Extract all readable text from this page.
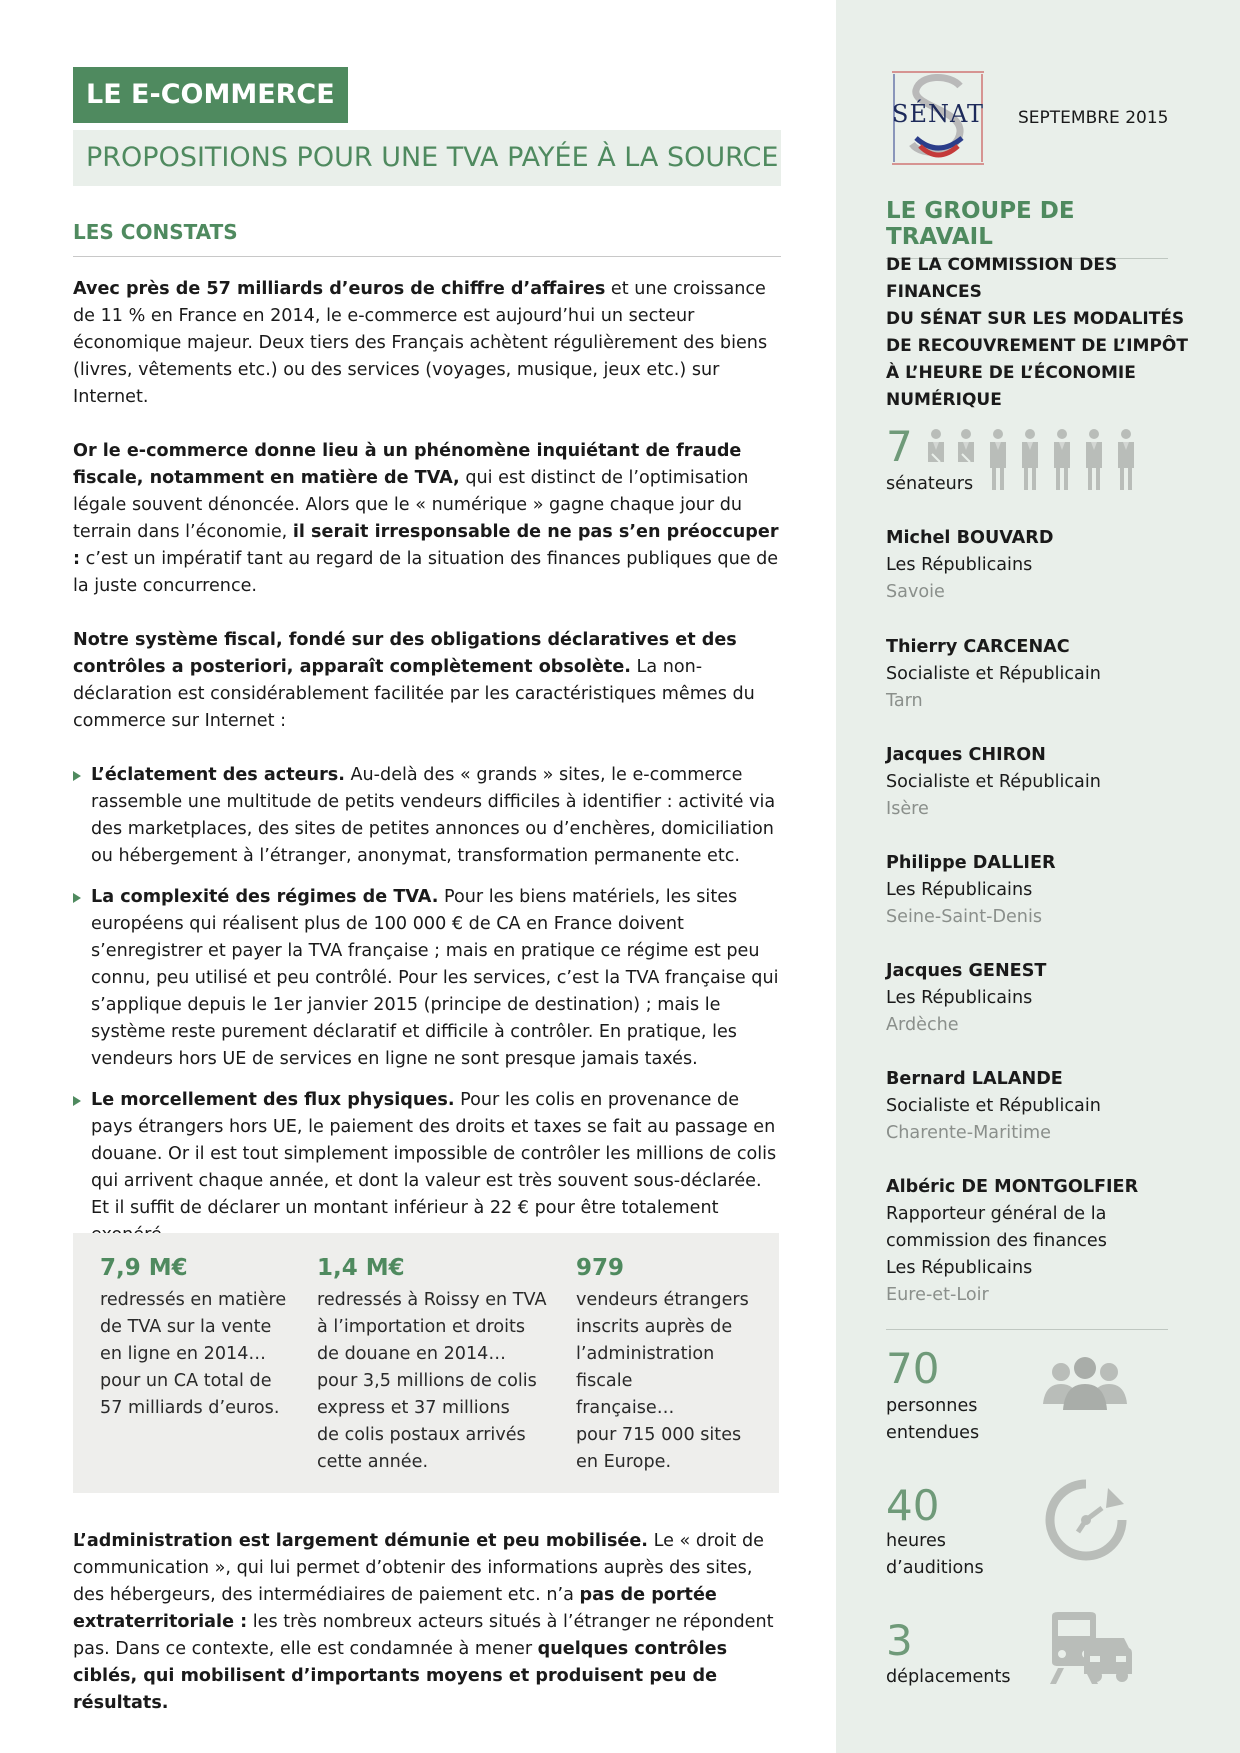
LE E-COMMERCE
PROPOSITIONS POUR UNE TVA PAYÉE À LA SOURCE
LES CONSTATS

Avec près de 57 milliards d’euros de chiffre d’affaires et une croissance de 11 % en France en 2014, le e-commerce est aujourd’hui un secteur économique majeur. Deux tiers des Français achètent régulièrement des biens (livres, vêtements etc.) ou des services (voyages, musique, jeux etc.) sur Internet.

Or le e-commerce donne lieu à un phénomène inquiétant de fraude fiscale, notamment en matière de TVA, qui est distinct de l’optimisation légale souvent dénoncée. Alors que le « numérique » gagne chaque jour du terrain dans l’économie, il serait irresponsable de ne pas s’en préoccuper : c’est un impératif tant au regard de la situation des finances publiques que de la juste concurrence.

Notre système fiscal, fondé sur des obligations déclaratives et des contrôles a posteriori, apparaît complètement obsolète. La non-déclaration est considérablement facilitée par les caractéristiques mêmes du commerce sur Internet :

L’éclatement des acteurs. Au-delà des « grands » sites, le e-commerce rassemble une multitude de petits vendeurs difficiles à identifier : activité via des marketplaces, des sites de petites annonces ou d’enchères, domiciliation ou hébergement à l’étranger, anonymat, transformation permanente etc.

La complexité des régimes de TVA. Pour les biens matériels, les sites européens qui réalisent plus de 100 000 € de CA en France doivent s’enregistrer et payer la TVA française ; mais en pratique ce régime est peu connu, peu utilisé et peu contrôlé. Pour les services, c’est la TVA française qui s’applique depuis le 1er janvier 2015 (principe de destination) ; mais le système reste purement déclaratif et difficile à contrôler. En pratique, les vendeurs hors UE de services en ligne ne sont presque jamais taxés.

Le morcellement des flux physiques. Pour les colis en provenance de pays étrangers hors UE, le paiement des droits et taxes se fait au passage en douane. Or il est tout simplement impossible de contrôler les millions de colis qui arrivent chaque année, et dont la valeur est très souvent sous-déclarée. Et il suffit de déclarer un montant inférieur à 22 € pour être totalement

7,9 M€
redressés en matière
de TVA sur la vente
en ligne en 2014…
pour un CA total de
57 milliards d’euros.
1,4 M€
redressés à Roissy en TVA
à l’importation et droits
de douane en 2014…
pour 3,5 millions de colis
express et 37 millions
de colis postaux arrivés
cette année.
979
vendeurs étrangers
inscrits auprès de
l’administration fiscale
française…
pour 715 000 sites
en Europe.
L’administration est largement démunie et peu mobilisée. Le « droit de communication », qui lui permet d’obtenir des informations auprès des sites, des hébergeurs, des intermédiaires de paiement etc. n’a pas de portée extraterritoriale : les très nombreux acteurs situés à l’étranger ne répondent pas. Dans ce contexte, elle est condamnée à mener quelques contrôles ciblés, qui mobilisent d’importants moyens et produisent peu de résultats.
SÉNAT SEPTEMBRE 2015
LE GROUPE DE TRAVAIL
DE LA COMMISSION DES FINANCES
DU SÉNAT SUR LES MODALITÉS
DE RECOUVREMENT DE L’IMPÔT
À L’HEURE DE L’ÉCONOMIE
NUMÉRIQUE
7
sénateurs
Michel BOUVARD
Les Républicains
Savoie
Thierry CARCENAC
Socialiste et Républicain
Tarn
Jacques CHIRON
Socialiste et Républicain
Isère
Philippe DALLIER
Les Républicains
Seine-Saint-Denis
Jacques GENEST
Les Républicains
Ardèche
Bernard LALANDE
Socialiste et Républicain
Charente-Maritime
Albéric DE MONTGOLFIER
Rapporteur général de la
commission des finances
Les Républicains
Eure-et-Loir
70
personnes
entendues
40
heures
d’auditions
3
déplacements
